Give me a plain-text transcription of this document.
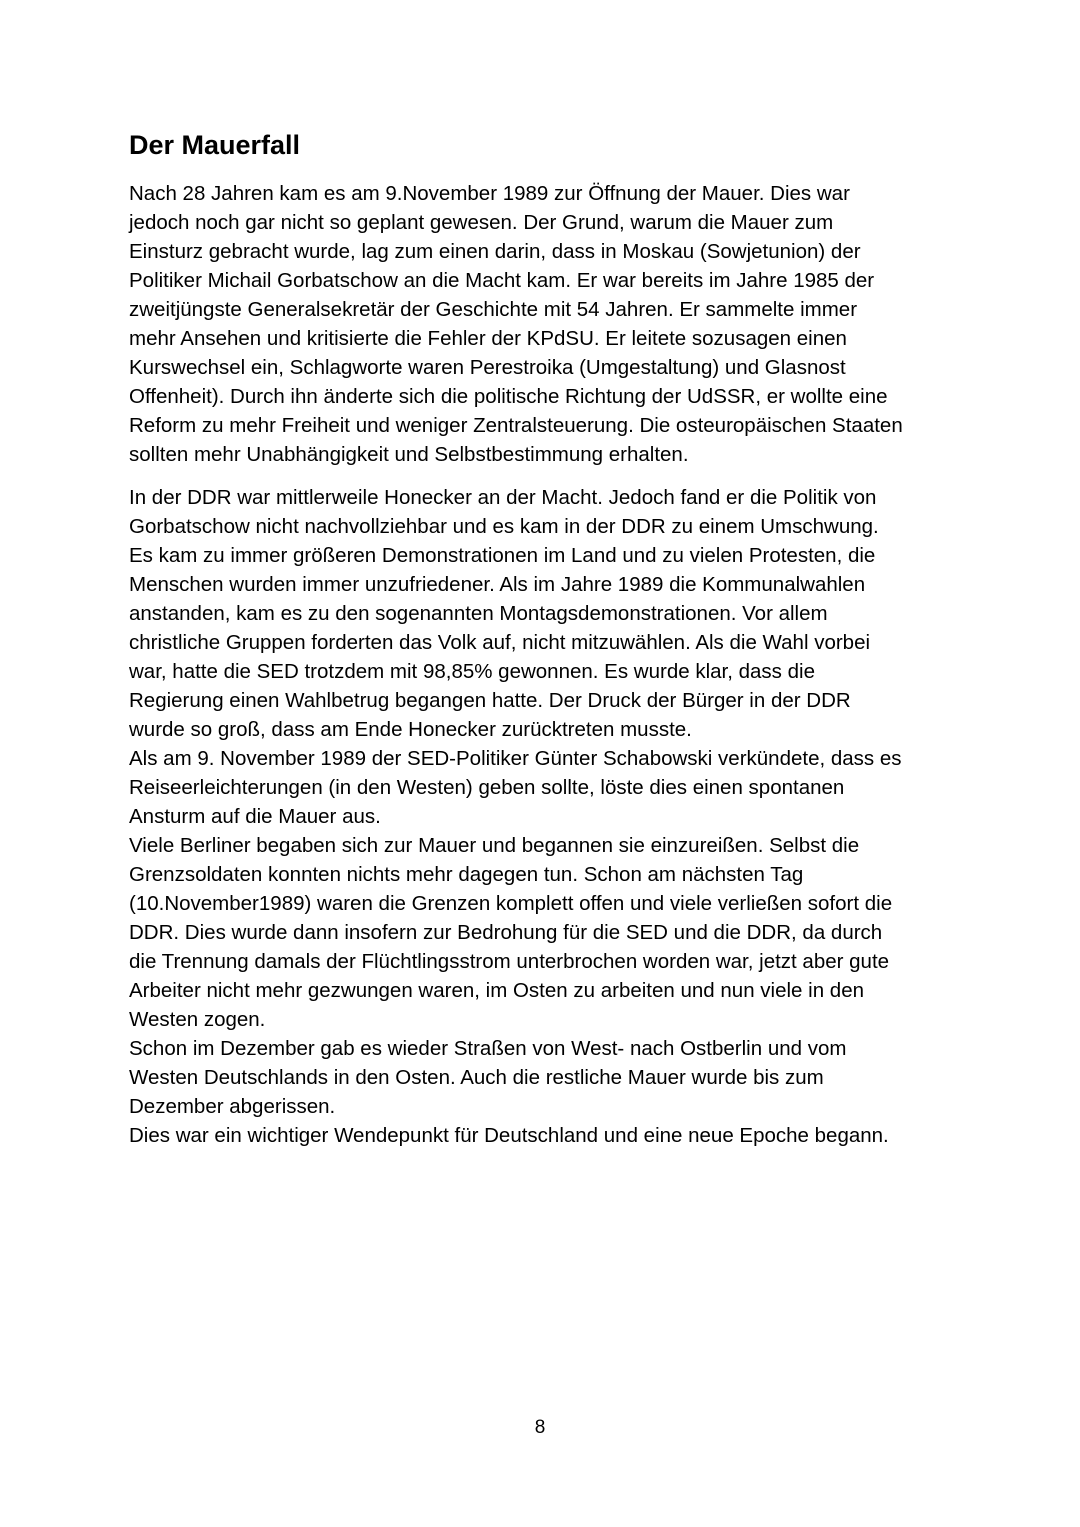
Der Mauerfall

Nach 28 Jahren kam es am 9.November 1989 zur Öffnung der Mauer. Dies war
jedoch noch gar nicht so geplant gewesen. Der Grund, warum die Mauer zum
Einsturz gebracht wurde, lag zum einen darin, dass in Moskau (Sowjetunion) der
Politiker Michail Gorbatschow an die Macht kam. Er war bereits im Jahre 1985 der
zweitjüngste Generalsekretär der Geschichte mit 54 Jahren. Er sammelte immer
mehr Ansehen und kritisierte die Fehler der KPdSU. Er leitete sozusagen einen
Kurswechsel ein, Schlagworte waren Perestroika (Umgestaltung) und Glasnost
Offenheit). Durch ihn änderte sich die politische Richtung der UdSSR, er wollte eine
Reform zu mehr Freiheit und weniger Zentralsteuerung. Die osteuropäischen Staaten
sollten mehr Unabhängigkeit und Selbstbestimmung erhalten.

In der DDR war mittlerweile Honecker an der Macht. Jedoch fand er die Politik von
Gorbatschow nicht nachvollziehbar und es kam in der DDR zu einem Umschwung.
Es kam zu immer größeren Demonstrationen im Land und zu vielen Protesten, die
Menschen wurden immer unzufriedener. Als im Jahre 1989 die Kommunalwahlen
anstanden, kam es zu den sogenannten Montagsdemonstrationen. Vor allem
christliche Gruppen forderten das Volk auf, nicht mitzuwählen. Als die Wahl vorbei
war, hatte die SED trotzdem mit 98,85% gewonnen. Es wurde klar, dass die
Regierung einen Wahlbetrug begangen hatte. Der Druck der Bürger in der DDR
wurde so groß, dass am Ende Honecker zurücktreten musste.

Als am 9. November 1989 der SED-Politiker Günter Schabowski verkündete, dass es
Reiseerleichterungen (in den Westen) geben sollte, löste dies einen spontanen
Ansturm auf die Mauer aus.

Viele Berliner begaben sich zur Mauer und begannen sie einzureißen. Selbst die
Grenzsoldaten konnten nichts mehr dagegen tun. Schon am nächsten Tag
(10.November1989) waren die Grenzen komplett offen und viele verließen sofort die
DDR. Dies wurde dann insofern zur Bedrohung für die SED und die DDR, da durch
die Trennung damals der Flüchtlingsstrom unterbrochen worden war, jetzt aber gute
Arbeiter nicht mehr gezwungen waren, im Osten zu arbeiten und nun viele in den
Westen zogen.

Schon im Dezember gab es wieder Straßen von West- nach Ostberlin und vom
Westen Deutschlands in den Osten. Auch die restliche Mauer wurde bis zum
Dezember abgerissen.

Dies war ein wichtiger Wendepunkt für Deutschland und eine neue Epoche begann.

8
